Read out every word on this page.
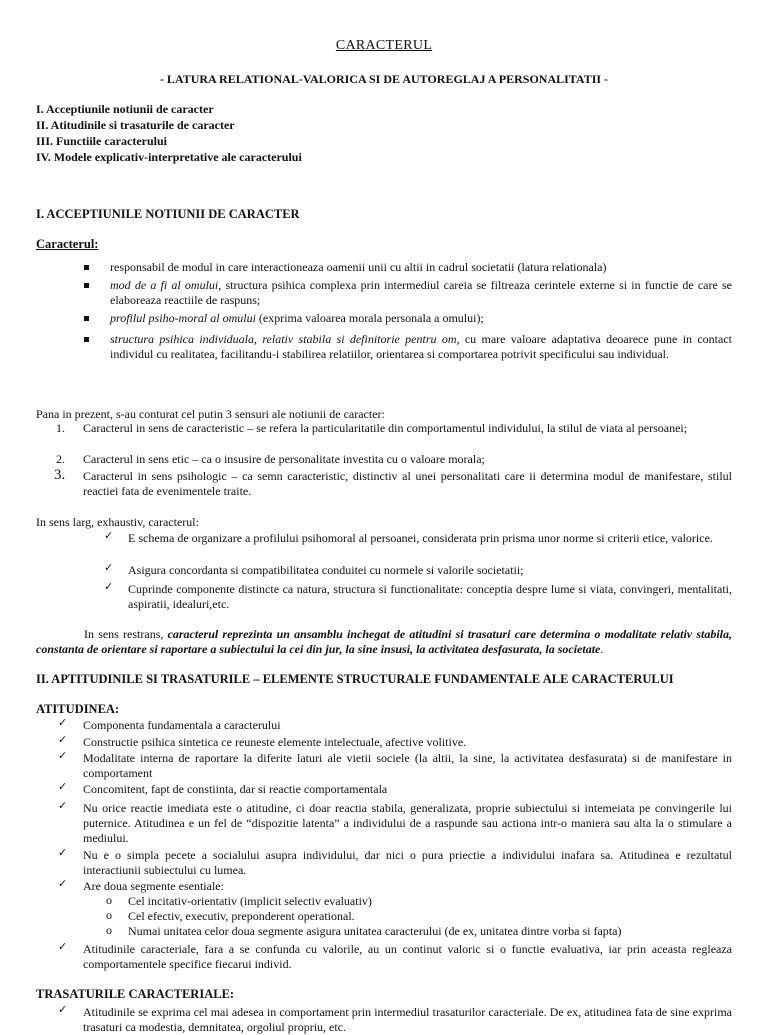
CARACTERUL
- LATURA RELATIONAL-VALORICA SI DE AUTOREGLAJ A PERSONALITATII -
I. Acceptiunile notiunii de caracter
II. Atitudinile si trasaturile de caracter
III. Functiile caracterului
IV. Modele explicativ-interpretative ale caracterului
I. ACCEPTIUNILE NOTIUNII DE CARACTER
Caracterul:
responsabil de modul in care interactioneaza oamenii unii cu altii in cadrul societatii (latura relationala)
mod de a fi al omului, structura psihica complexa prin intermediul careia se filtreaza cerintele externe si in functie de care se elaboreaza reactiile de raspuns;
profilul psiho-moral al omului (exprima valoarea morala personala a omului);
structura psihica individuala, relativ stabila si definitorie pentru om, cu mare valoare adaptativa deoarece pune in contact individul cu realitatea, facilitandu-i stabilirea relatiilor, orientarea si comportarea potrivit specificului sau individual.
Pana in prezent, s-au conturat cel putin 3 sensuri ale notiunii de caracter:
1. Caracterul in sens de caracteristic – se refera la particularitatile din comportamentul individului, la stilul de viata al persoanei;
2. Caracterul in sens etic – ca o insusire de personalitate investita cu o valoare morala;
3. Caracterul in sens psihologic – ca semn caracteristic, distinctiv al unei personalitati care ii determina modul de manifestare, stilul reactiei fata de evenimentele traite.
In sens larg, exhaustiv, caracterul:
✓ E schema de organizare a profilului psihomoral al persoanei, considerata prin prisma unor norme si criterii etice, valorice.
✓ Asigura concordanta si compatibilitatea conduitei cu normele si valorile societatii;
✓ Cuprinde componente distincte ca natura, structura si functionalitate: conceptia despre lume si viata, convingeri, mentalitati, aspiratii, idealuri,etc.
In sens restrans, caracterul reprezinta un ansamblu inchegat de atitudini si trasaturi care determina o modalitate relativ stabila, constanta de orientare si raportare a subiectului la cei din jur, la sine insusi, la activitatea desfasurata, la societate.
II. APTITUDINILE SI TRASATURILE – ELEMENTE STRUCTURALE FUNDAMENTALE ALE CARACTERULUI
ATITUDINEA:
✓ Componenta fundamentala a caracterului
✓ Constructie psihica sintetica ce reuneste elemente intelectuale, afective volitive.
✓ Modalitate interna de raportare la diferite laturi ale vietii sociele (la altii, la sine, la activitatea desfasurata) si de manifestare in comportament
✓ Concomitent, fapt de constiinta, dar si reactie comportamentala
✓ Nu orice reactie imediata este o atitudine, ci doar reactia stabila, generalizata, proprie subiectului si intemeiata pe convingerile lui puternice. Atitudinea e un fel de “dispozitie latenta” a individului de a raspunde sau actiona intr-o maniera sau alta la o stimulare a mediului.
✓ Nu e o simpla pecete a socialului asupra individului, dar nici o pura priectie a individului inafara sa. Atitudinea e rezultatul interactiunii subiectului cu lumea.
✓ Are doua segmente esentiale:
o Cel incitativ-orientativ (implicit selectiv evaluativ)
o Cel efectiv, executiv, preponderent operational.
o Numai unitatea celor doua segmente asigura unitatea caracterului (de ex, unitatea dintre vorba si fapta)
✓ Atitudinile caracteriale, fara a se confunda cu valorile, au un continut valoric si o functie evaluativa, iar prin aceasta regleaza comportamentele specifice fiecarui individ.
TRASATURILE CARACTERIALE:
✓ Atitudinile se exprima cel mai adesea in comportament prin intermediul trasaturilor caracteriale. De ex, atitudinea fata de sine exprima trasaturi ca modestia, demnitatea, orgoliul propriu, etc.
